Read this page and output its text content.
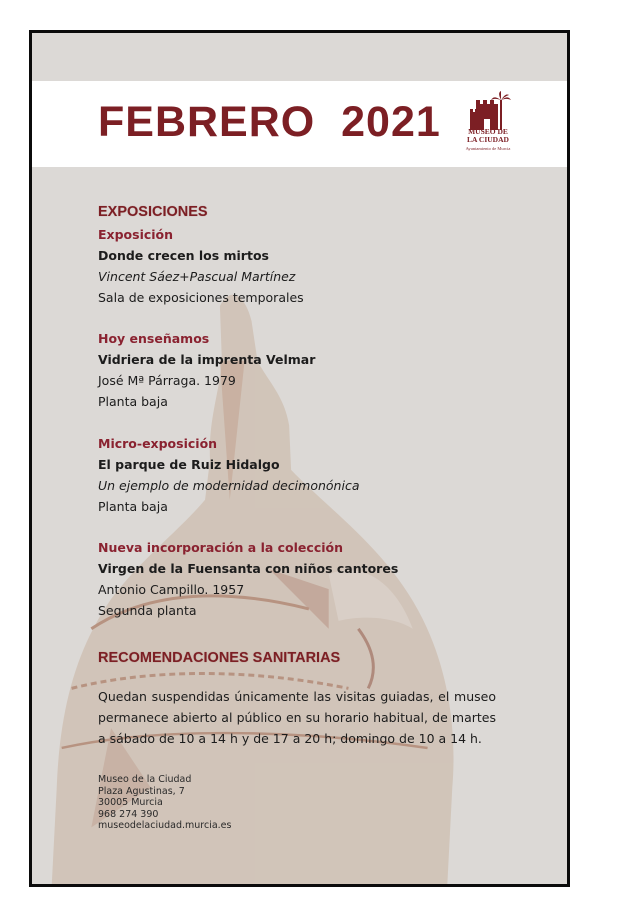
FEBRERO  2021	MUSEO DE
LA CIUDAD
Ayuntamiento de Murcia
EXPOSICIONES
Exposición
Donde crecen los mirtos
Vincent Sáez+Pascual Martínez
Sala de exposiciones temporales
Hoy enseñamos
Vidriera de la imprenta Velmar
José Mª Párraga. 1979
Planta baja
Micro-exposición
El parque de Ruiz Hidalgo
Un ejemplo de modernidad decimonónica
Planta baja
Nueva incorporación a la colección
Virgen de la Fuensanta con niños cantores
Antonio Campillo. 1957
Segunda planta
RECOMENDACIONES SANITARIAS
Quedan suspendidas únicamente las visitas guiadas, el museo permanece abierto al público en su horario habitual, de martes a sábado de 10 a 14 h y de 17 a 20 h; domingo de 10 a 14 h.
Museo de la Ciudad
Plaza Agustinas, 7
30005 Murcia
968 274 390
museodelaciudad.murcia.es
